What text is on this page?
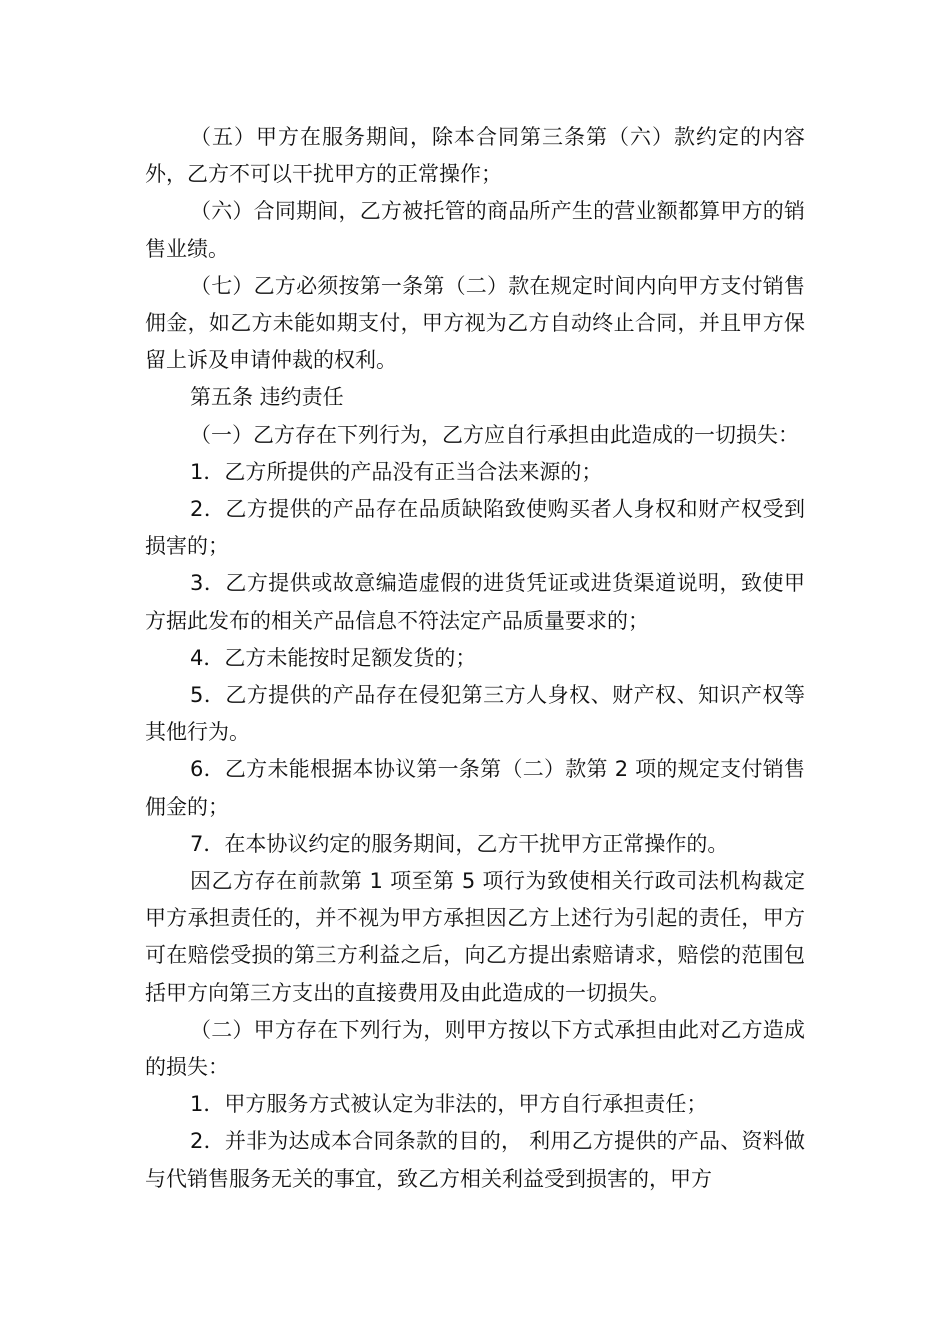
（五）甲方在服务期间，除本合同第三条第（六）款约定的内容外，乙方不可以干扰甲方的正常操作；

（六）合同期间，乙方被托管的商品所产生的营业额都算甲方的销售业绩。

（七）乙方必须按第一条第（二）款在规定时间内向甲方支付销售佣金，如乙方未能如期支付，甲方视为乙方自动终止合同，并且甲方保留上诉及申请仲裁的权利。

第五条 违约责任

（一）乙方存在下列行为，乙方应自行承担由此造成的一切损失：

1．乙方所提供的产品没有正当合法来源的；

2．乙方提供的产品存在品质缺陷致使购买者人身权和财产权受到损害的；

3．乙方提供或故意编造虚假的进货凭证或进货渠道说明，致使甲方据此发布的相关产品信息不符法定产品质量要求的；

4．乙方未能按时足额发货的；

5．乙方提供的产品存在侵犯第三方人身权、财产权、知识产权等其他行为。

6．乙方未能根据本协议第一条第（二）款第 2 项的规定支付销售佣金的；

7．在本协议约定的服务期间，乙方干扰甲方正常操作的。

因乙方存在前款第 1 项至第 5 项行为致使相关行政司法机构裁定甲方承担责任的，并不视为甲方承担因乙方上述行为引起的责任，甲方可在赔偿受损的第三方利益之后，向乙方提出索赔请求，赔偿的范围包括甲方向第三方支出的直接费用及由此造成的一切损失。

（二）甲方存在下列行为，则甲方按以下方式承担由此对乙方造成的损失：

1．甲方服务方式被认定为非法的，甲方自行承担责任；

2．并非为达成本合同条款的目的， 利用乙方提供的产品、资料做与代销售服务无关的事宜，致乙方相关利益受到损害的，甲方
